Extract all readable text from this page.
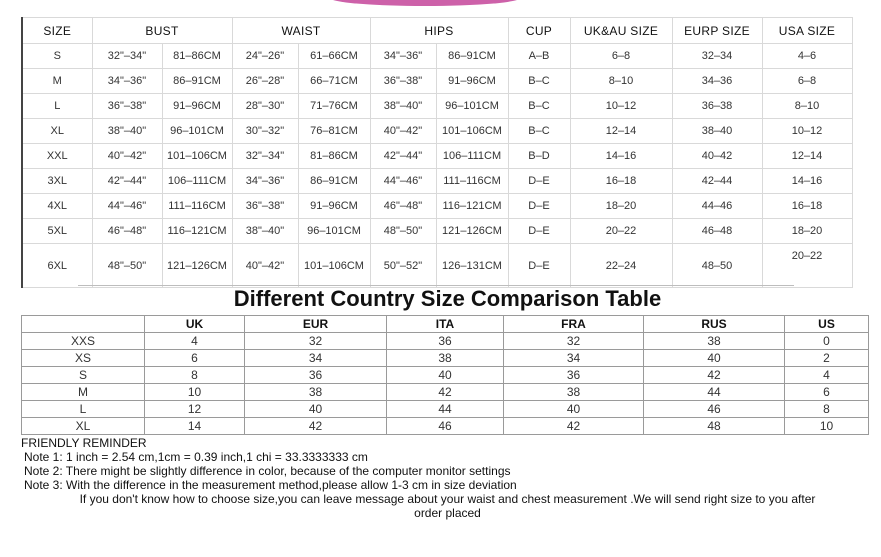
SIZE	BUST		WAIST		HIPS		CUP	UK&AU SIZE	EURP SIZE	USA SIZE
S	32"–34"	81–86CM	24"–26"	61–66CM	34"–36"	86–91CM	A–B	6–8	32–34	4–6
M	34"–36"	86–91CM	26"–28"	66–71CM	36"–38"	91–96CM	B–C	8–10	34–36	6–8
L	36"–38"	91–96CM	28"–30"	71–76CM	38"–40"	96–101CM	B–C	10–12	36–38	8–10
XL	38"–40"	96–101CM	30"–32"	76–81CM	40"–42"	101–106CM	B–C	12–14	38–40	10–12
XXL	40"–42"	101–106CM	32"–34"	81–86CM	42"–44"	106–111CM	B–D	14–16	40–42	12–14
3XL	42"–44"	106–111CM	34"–36"	86–91CM	44"–46"	111–116CM	D–E	16–18	42–44	14–16
4XL	44"–46"	111–116CM	36"–38"	91–96CM	46"–48"	116–121CM	D–E	18–20	44–46	16–18
5XL	46"–48"	116–121CM	38"–40"	96–101CM	48"–50"	121–126CM	D–E	20–22	46–48	18–20
6XL	48"–50"	121–126CM	40"–42"	101–106CM	50"–52"	126–131CM	D–E	22–24	48–50	20–22
Different Country Size Comparison Table
	UK	EUR	ITA	FRA	RUS	US
XXS	4	32	36	32	38	0
XS	6	34	38	34	40	2
S	8	36	40	36	42	4
M	10	38	42	38	44	6
L	12	40	44	40	46	8
XL	14	42	46	42	48	10
FRIENDLY REMINDER
Note 1: 1 inch = 2.54 cm,1cm = 0.39 inch,1 chi = 33.3333333 cm
Note 2: There might be slightly difference in color, because of the computer monitor settings
Note 3: With the difference in the measurement method,please allow 1-3 cm in size deviation
If you don't know how to choose size,you can leave message about your waist and chest measurement .We will send right size to you after
order placed
